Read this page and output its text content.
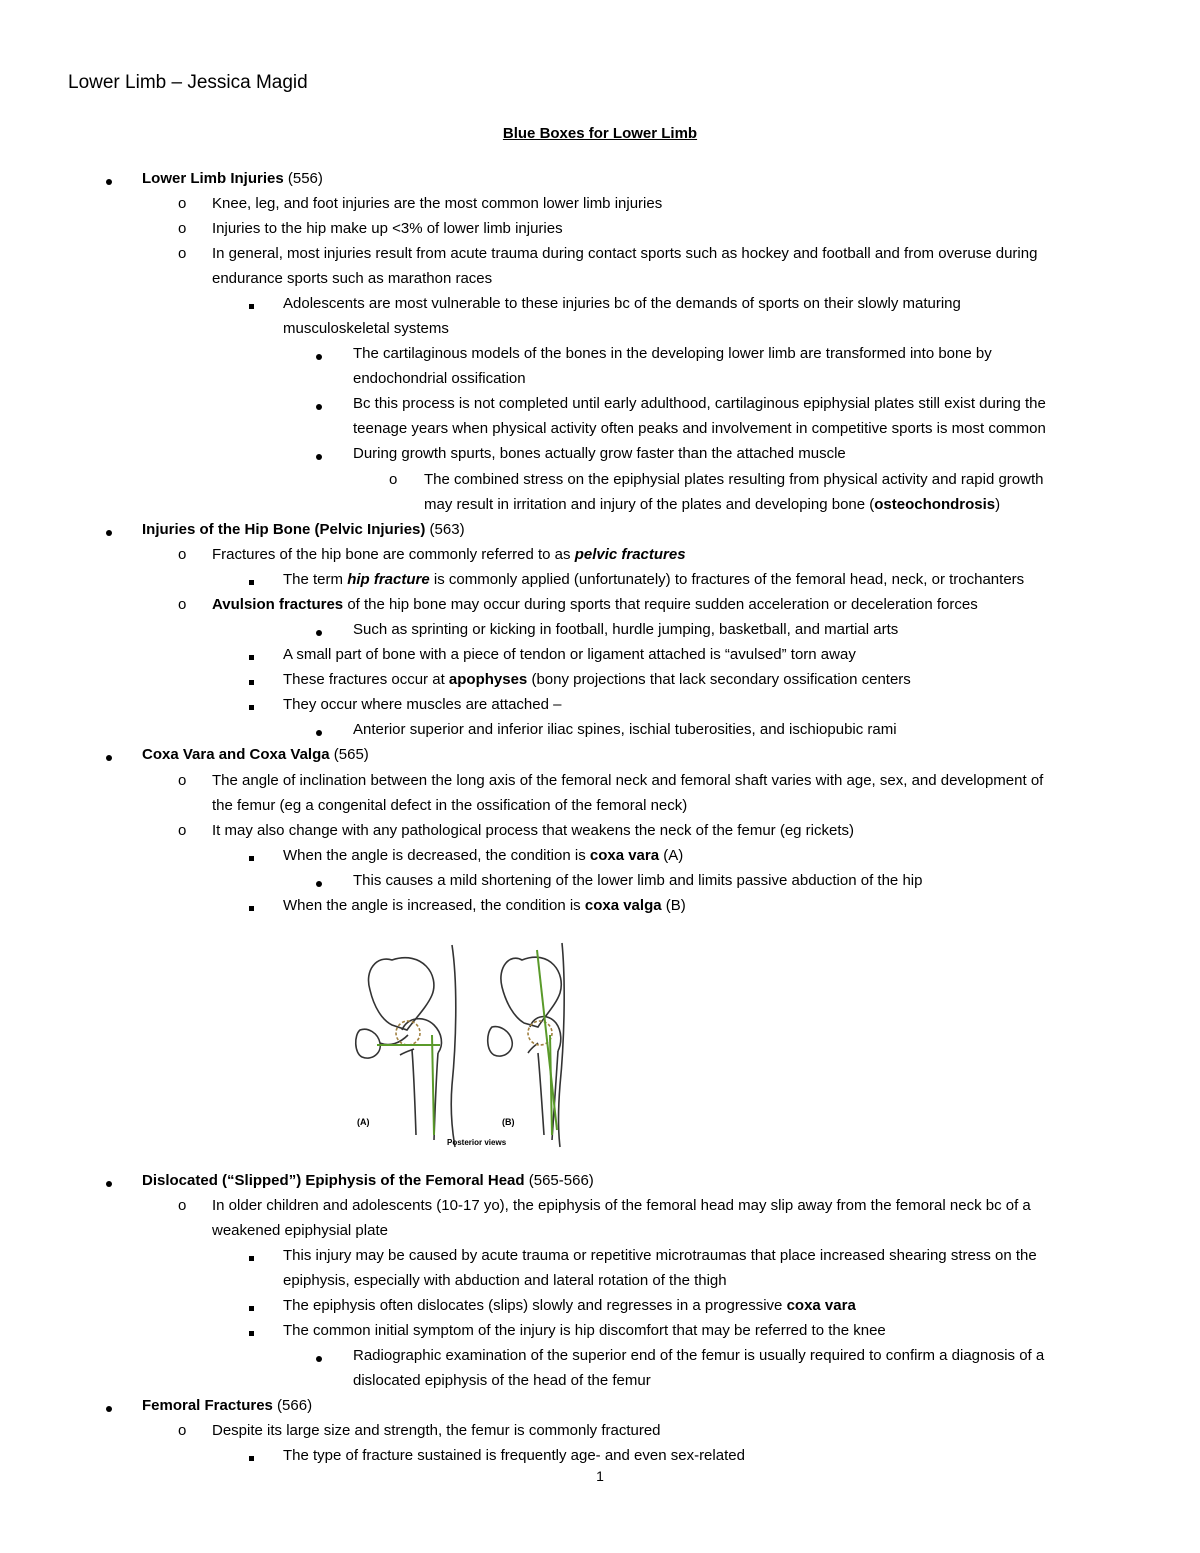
Lower Limb – Jessica Magid
Blue Boxes for Lower Limb
Lower Limb Injuries (556)
o Knee, leg, and foot injuries are the most common lower limb injuries
o Injuries to the hip make up <3% of lower limb injuries
o In general, most injuries result from acute trauma during contact sports such as hockey and football and from overuse during
endurance sports such as marathon races
Adolescents are most vulnerable to these injuries bc of the demands of sports on their slowly maturing
musculoskeletal systems
The cartilaginous models of the bones in the developing lower limb are transformed into bone by
endochondrial ossification
Bc this process is not completed until early adulthood, cartilaginous epiphysial plates still exist during the
teenage years when physical activity often peaks and involvement in competitive sports is most common
During growth spurts, bones actually grow faster than the attached muscle
o The combined stress on the epiphysial plates resulting from physical activity and rapid growth
may result in irritation and injury of the plates and developing bone (osteochondrosis)
Injuries of the Hip Bone (Pelvic Injuries) (563)
o Fractures of the hip bone are commonly referred to as pelvic fractures
The term hip fracture is commonly applied (unfortunately) to fractures of the femoral head, neck, or trochanters
o Avulsion fractures of the hip bone may occur during sports that require sudden acceleration or deceleration forces
Such as sprinting or kicking in football, hurdle jumping, basketball, and martial arts
A small part of bone with a piece of tendon or ligament attached is “avulsed” torn away
These fractures occur at apophyses (bony projections that lack secondary ossification centers
They occur where muscles are attached –
Anterior superior and inferior iliac spines, ischial tuberosities, and ischiopubic rami
Coxa Vara and Coxa Valga (565)
o The angle of inclination between the long axis of the femoral neck and femoral shaft varies with age, sex, and development of
the femur (eg a congenital defect in the ossification of the femoral neck)
o It may also change with any pathological process that weakens the neck of the femur (eg rickets)
When the angle is decreased, the condition is coxa vara (A)
This causes a mild shortening of the lower limb and limits passive abduction of the hip
When the angle is increased, the condition is coxa valga (B)
(A)	(B)
Posterior views
Dislocated (“Slipped”) Epiphysis of the Femoral Head (565-566)
o In older children and adolescents (10-17 yo), the epiphysis of the femoral head may slip away from the femoral neck bc of a
weakened epiphysial plate
This injury may be caused by acute trauma or repetitive microtraumas that place increased shearing stress on the
epiphysis, especially with abduction and lateral rotation of the thigh
The epiphysis often dislocates (slips) slowly and regresses in a progressive coxa vara
The common initial symptom of the injury is hip discomfort that may be referred to the knee
Radiographic examination of the superior end of the femur is usually required to confirm a diagnosis of a
dislocated epiphysis of the head of the femur
Femoral Fractures (566)
o Despite its large size and strength, the femur is commonly fractured
The type of fracture sustained is frequently age- and even sex-related
1
